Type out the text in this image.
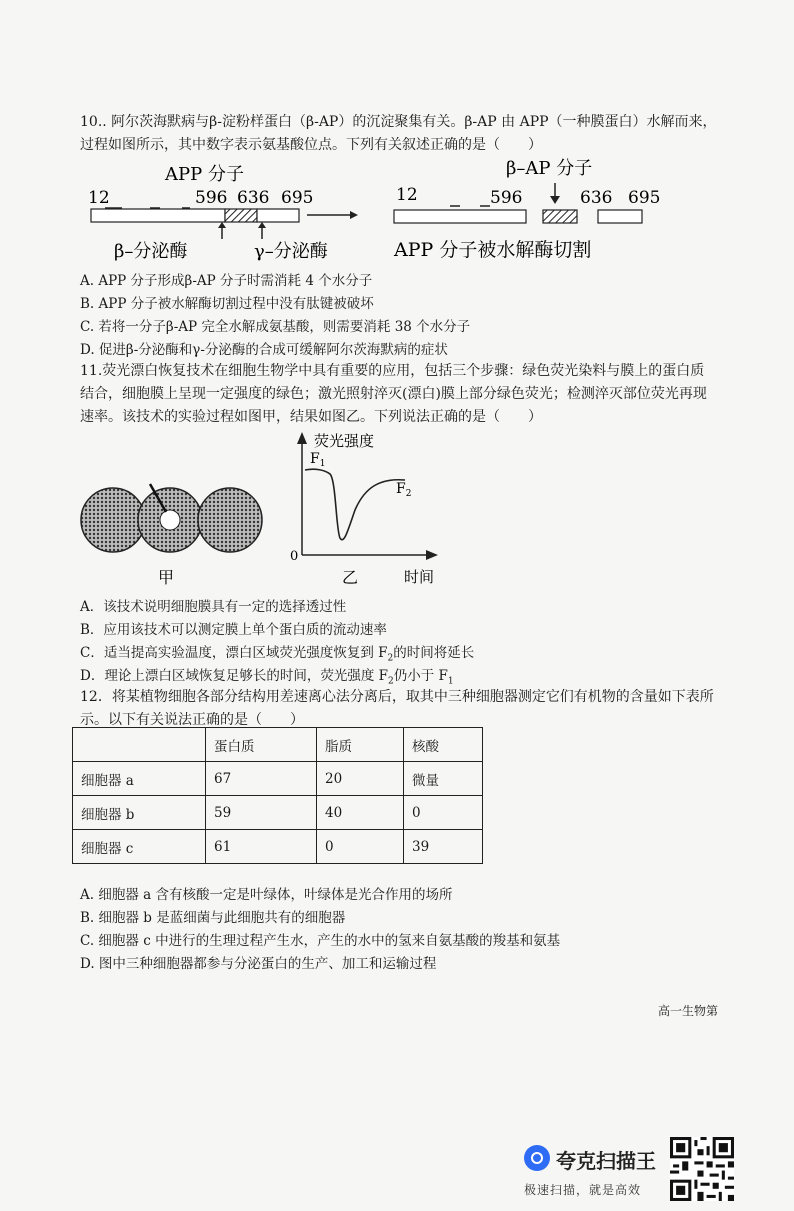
10.. 阿尔茨海默病与β-淀粉样蛋白（β-AP）的沉淀聚集有关。β-AP 由 APP（一种膜蛋白）水解而来，
过程如图所示，其中数字表示氨基酸位点。下列有关叙述正确的是（　　）
APP 分子
12	596 636 695
β–分泌酶	γ–分泌酶
β–AP 分子
12	596	636 695
APP 分子被水解酶切割
A. APP 分子形成β-AP 分子时需消耗 4 个水分子
B. APP 分子被水解酶切割过程中没有肽键被破坏
C. 若将一分子β-AP 完全水解成氨基酸，则需要消耗 38 个水分子
D. 促进β-分泌酶和γ-分泌酶的合成可缓解阿尔茨海默病的症状
11.荧光漂白恢复技术在细胞生物学中具有重要的应用，包括三个步骤：绿色荧光染料与膜上的蛋白质
结合，细胞膜上呈现一定强度的绿色；激光照射淬灭(漂白)膜上部分绿色荧光；检测淬灭部位荧光再现
速率。该技术的实验过程如图甲，结果如图乙。下列说法正确的是（　　）
甲
荧光强度
时间
0
$F_1$
$F_2$
乙
A．该技术说明细胞膜具有一定的选择透过性
B．应用该技术可以测定膜上单个蛋白质的流动速率
C．适当提高实验温度，漂白区域荧光强度恢复到 $F_2$的时间将延长
D．理论上漂白区域恢复足够长的时间，荧光强度 $F_2$仍小于 $F_1$
12．将某植物细胞各部分结构用差速离心法分离后，取其中三种细胞器测定它们有机物的含量如下表所
示。以下有关说法正确的是（　　）
	蛋白质	脂质	核酸
细胞器 a	67	20	微量
细胞器 b	59	40	0
细胞器 c	61	0	39
A. 细胞器 a 含有核酸一定是叶绿体，叶绿体是光合作用的场所
B. 细胞器 b 是蓝细菌与此细胞共有的细胞器
C. 细胞器 c 中进行的生理过程产生水，产生的水中的氢来自氨基酸的羧基和氨基
D. 图中三种细胞器都参与分泌蛋白的生产、加工和运输过程
高一生物第
夸克扫描王
极速扫描，就是高效
